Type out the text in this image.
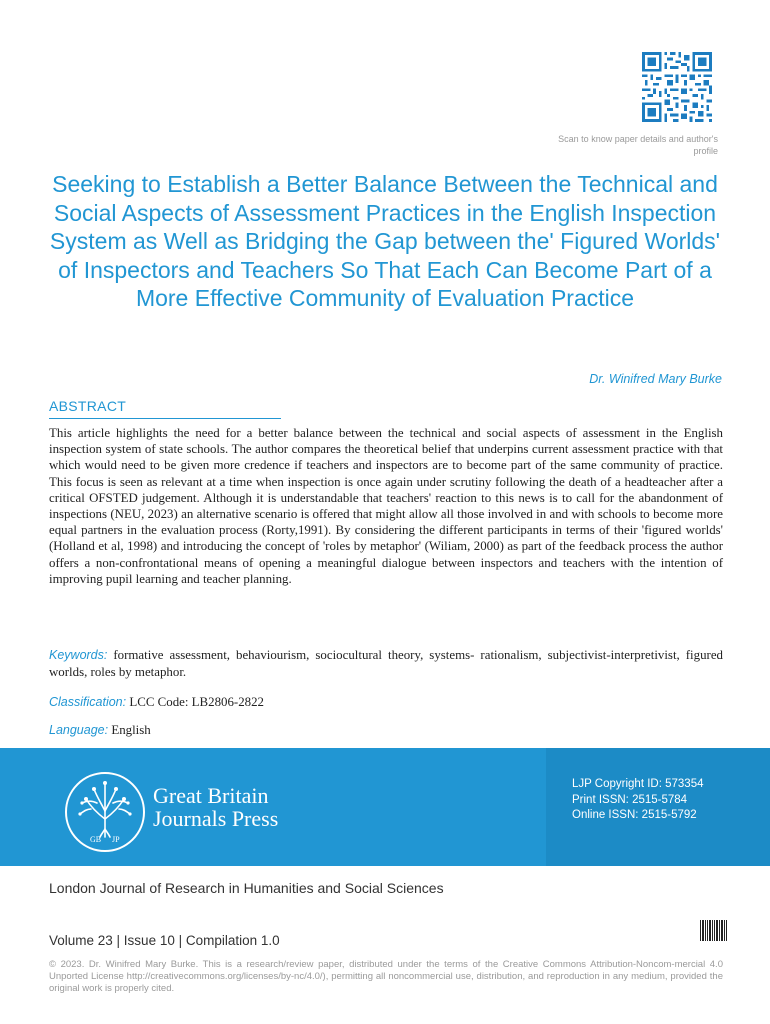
Scan to know paper details and author's profile
Seeking to Establish a Better Balance Between the Technical and Social Aspects of Assessment Practices in the English Inspection System as Well as Bridging the Gap between the' Figured Worlds' of Inspectors and Teachers So That Each Can Become Part of a More Effective Community of Evaluation Practice
Dr. Winifred Mary Burke
ABSTRACT
This article highlights the need for a better balance between the technical and social aspects of assessment in the English inspection system of state schools. The author compares the theoretical belief that underpins current assessment practice with that which would need to be given more credence if teachers and inspectors are to become part of the same community of practice. This focus is seen as relevant at a time when inspection is once again under scrutiny following the death of a headteacher after a critical OFSTED judgement. Although it is understandable that teachers' reaction to this news is to call for the abandonment of inspections (NEU, 2023) an alternative scenario is offered that might allow all those involved in and with schools to become more equal partners in the evaluation process (Rorty,1991). By considering the different participants in terms of their 'figured worlds' (Holland et al, 1998) and introducing the concept of 'roles by metaphor' (Wiliam, 2000) as part of the feedback process the author offers a non-confrontational means of opening a meaningful dialogue between inspectors and teachers with the intention of improving pupil learning and teacher planning.
Keywords: formative assessment, behaviourism, sociocultural theory, systems- rationalism, subjectivist-interpretivist, figured worlds, roles by metaphor.
Classification: LCC Code: LB2806-2822
Language: English
GB JP
Great Britain
Journals Press
LJP Copyright ID: 573354
Print ISSN: 2515-5784
Online ISSN: 2515-5792
London Journal of Research in Humanities and Social Sciences
Volume 23 | Issue 10 | Compilation 1.0
© 2023. Dr. Winifred Mary Burke. This is a research/review paper, distributed under the terms of the Creative Commons Attribution-Noncom-mercial 4.0 Unported License http://creativecommons.org/licenses/by-nc/4.0/), permitting all noncommercial use, distribution, and reproduction in any medium, provided the original work is properly cited.
